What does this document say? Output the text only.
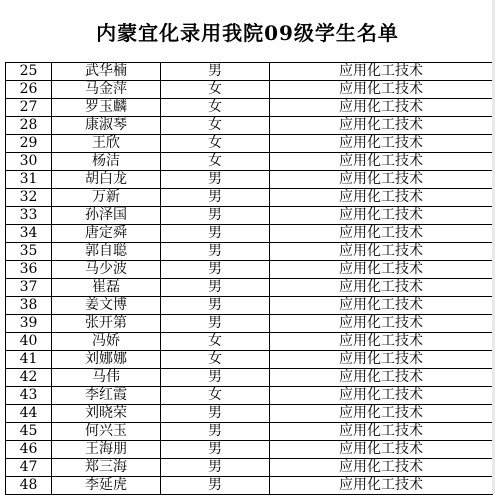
内蒙宜化录用我院09级学生名单
25	武华楠	男	应用化工技术
26	马金萍	女	应用化工技术
27	罗玉麟	女	应用化工技术
28	康淑琴	女	应用化工技术
29	王欣	女	应用化工技术
30	杨洁	女	应用化工技术
31	胡白龙	男	应用化工技术
32	万新	男	应用化工技术
33	孙泽国	男	应用化工技术
34	唐定舜	男	应用化工技术
35	郭自聪	男	应用化工技术
36	马少波	男	应用化工技术
37	崔磊	男	应用化工技术
38	姜文博	男	应用化工技术
39	张开第	男	应用化工技术
40	冯娇	女	应用化工技术
41	刘娜娜	女	应用化工技术
42	马伟	男	应用化工技术
43	李红霞	女	应用化工技术
44	刘晓荣	男	应用化工技术
45	何兴玉	男	应用化工技术
46	王海朋	男	应用化工技术
47	郑三海	男	应用化工技术
48	李延虎	男	应用化工技术
